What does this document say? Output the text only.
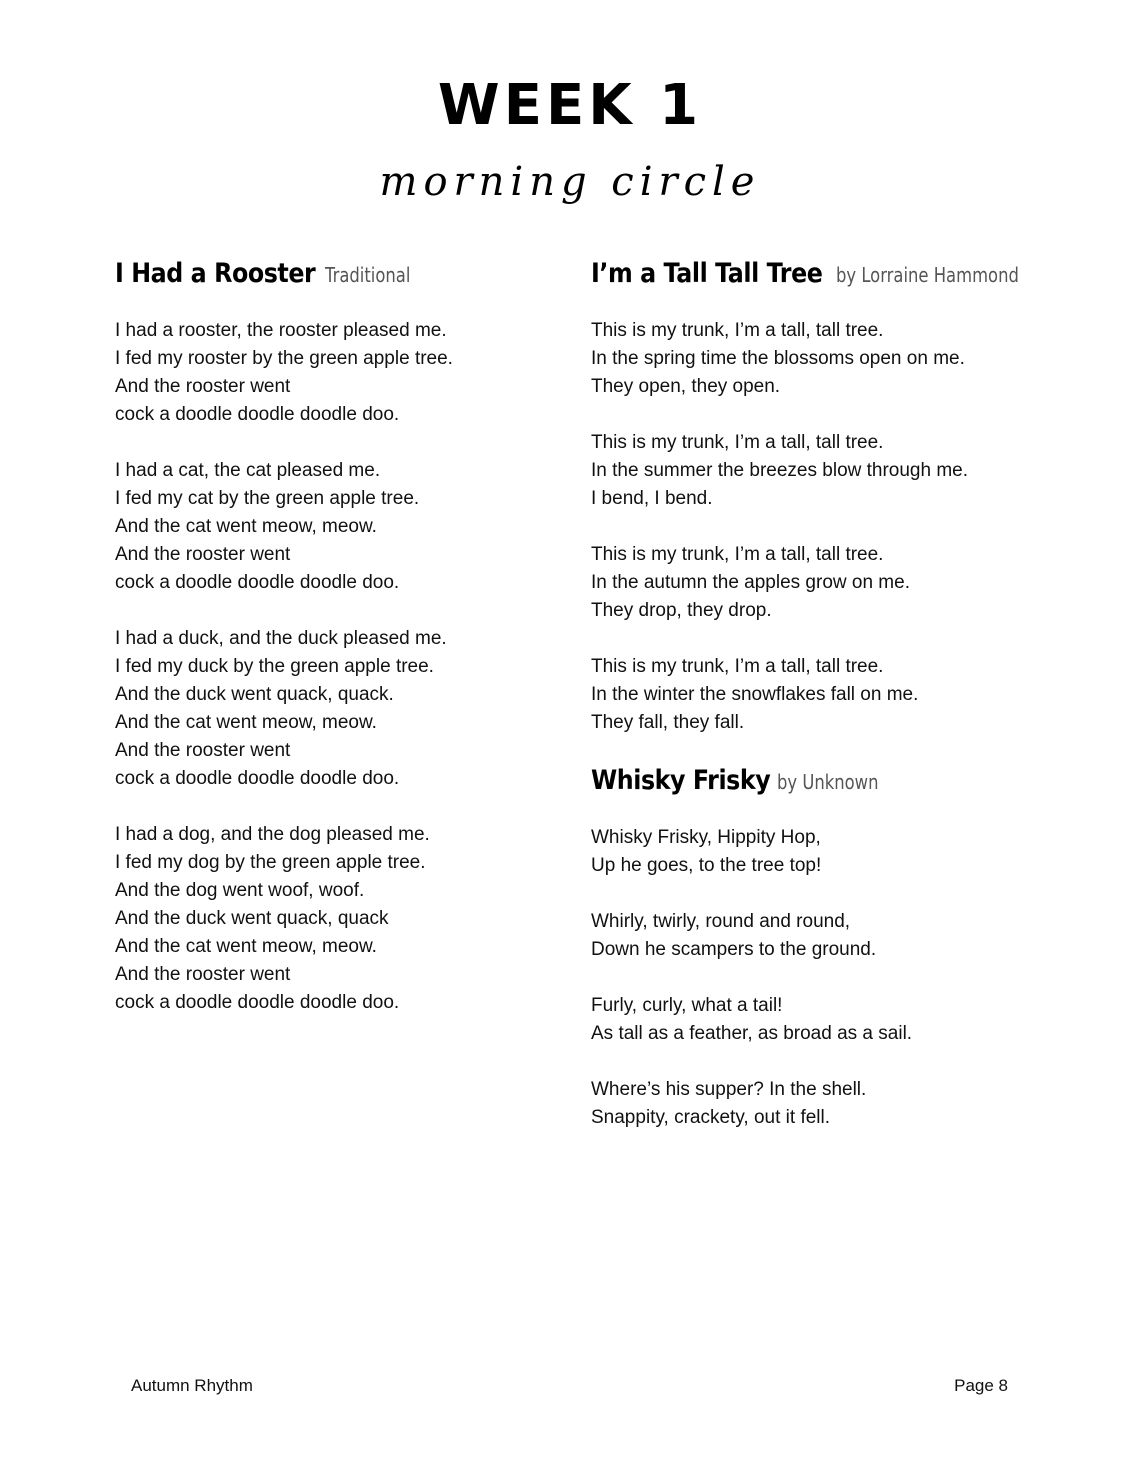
WEEK 1
morning circle
I Had a Rooster Traditional
I had a rooster, the rooster pleased me.
I fed my rooster by the green apple tree.
And the rooster went
cock a doodle doodle doodle doo.
I had a cat, the cat pleased me.
I fed my cat by the green apple tree.
And the cat went meow, meow.
And the rooster went
cock a doodle doodle doodle doo.
I had a duck, and the duck pleased me.
I fed my duck by the green apple tree.
And the duck went quack, quack.
And the cat went meow, meow.
And the rooster went
cock a doodle doodle doodle doo.
I had a dog, and the dog pleased me.
I fed my dog by the green apple tree.
And the dog went woof, woof.
And the duck went quack, quack
And the cat went meow, meow.
And the rooster went
cock a doodle doodle doodle doo.
I’m a Tall Tall Tree by Lorraine Hammond
This is my trunk, I’m a tall, tall tree.
In the spring time the blossoms open on me.
They open, they open.
This is my trunk, I’m a tall, tall tree.
In the summer the breezes blow through me.
I bend, I bend.
This is my trunk, I’m a tall, tall tree.
In the autumn the apples grow on me.
They drop, they drop.
This is my trunk, I’m a tall, tall tree.
In the winter the snowflakes fall on me.
They fall, they fall.
Whisky Frisky by Unknown
Whisky Frisky, Hippity Hop,
Up he goes, to the tree top!
Whirly, twirly, round and round,
Down he scampers to the ground.
Furly, curly, what a tail!
As tall as a feather, as broad as a sail.
Where’s his supper? In the shell.
Snappity, crackety, out it fell.
Autumn Rhythm	Page 8
